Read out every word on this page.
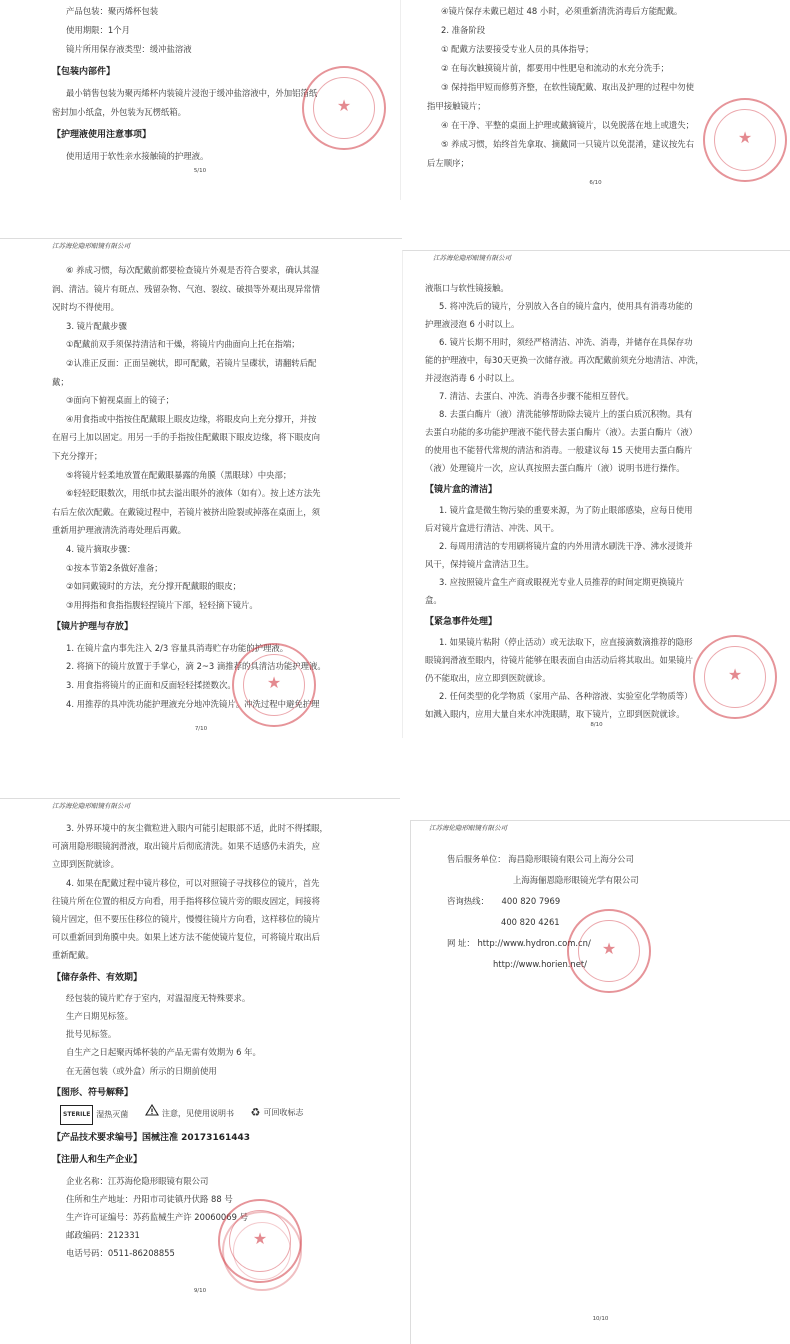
产品包装：聚丙烯杯包装
使用期限：1个月
镜片所用保存液类型：缓冲盐溶液
【包装内部件】
最小销售包装为聚丙烯杯内装镜片浸泡于缓冲盐溶液中，外加铝箔纸
密封加小纸盒，外包装为瓦楞纸箱。
【护理液使用注意事项】
使用适用于软性亲水接触镜的护理液。
★
5/10
④镜片保存未戴已超过 48 小时，必须重新清洗消毒后方能配戴。
2. 准备阶段
① 配戴方法要接受专业人员的具体指导；
② 在每次触摸镜片前，都要用中性肥皂和流动的水充分洗手；
③ 保持指甲短而修剪齐整，在软性镜配戴、取出及护理的过程中勿使
指甲接触镜片；
④ 在干净、平整的桌面上护理或戴摘镜片，以免脱落在地上或遗失；
⑤ 养成习惯，始终首先拿取、摘戴同一只镜片以免混淆，建议按先右
后左顺序；
★
6/10
江苏海伦隐形眼镜有限公司
⑥ 养成习惯，每次配戴前都要检查镜片外观是否符合要求，确认其湿
润、清洁。镜片有斑点、残留杂物、气泡、裂纹、破损等外观出现异常情
况时均不得使用。
3. 镜片配戴步骤
①配戴前双手须保持清洁和干燥，将镜片内曲面向上托在指端；
②认准正反面：正面呈碗状，即可配戴，若镜片呈碟状，请翻转后配
戴；
③面向下俯视桌面上的镜子；
④用食指或中指按住配戴眼上眼皮边缘，将眼皮向上充分撑开，并按
在眉弓上加以固定。用另一手的手指按住配戴眼下眼皮边缘，将下眼皮向
下充分撑开；
⑤将镜片轻柔地放置在配戴眼暴露的角膜（黑眼球）中央部；
⑥轻轻眨眼数次，用纸巾拭去溢出眼外的液体（如有）。按上述方法先
右后左依次配戴。在戴镜过程中，若镜片被挤出险裂或掉落在桌面上，须
重新用护理液清洗消毒处理后再戴。
4. 镜片摘取步骤：
①按本节第2条做好准备；
②如同戴镜时的方法，充分撑开配戴眼的眼皮；
③用拇指和食指指腹轻捏镜片下部，轻轻摘下镜片。
【镜片护理与存放】
1. 在镜片盒内事先注入 2/3 容量具消毒贮存功能的护理液。
2. 将摘下的镜片放置于手掌心，滴 2~3 滴推荐的具清洁功能护理液。
3. 用食指将镜片的正面和反面轻轻揉搓数次。
4. 用推荐的具冲洗功能护理液充分地冲洗镜片。冲洗过程中避免护理
★
7/10
江苏海伦隐形眼镜有限公司
液瓶口与软性镜接触。
5. 将冲洗后的镜片，分别放入各自的镜片盒内，使用具有消毒功能的
护理液浸泡 6 小时以上。
6. 镜片长期不用时，须经严格清洁、冲洗、消毒，并储存在具保存功
能的护理液中，每30天更换一次储存液。再次配戴前须充分地清洁、冲洗，
并浸泡消毒 6 小时以上。
7. 清洁、去蛋白、冲洗、消毒各步骤不能相互替代。
8. 去蛋白酶片（液）清洗能够帮助除去镜片上的蛋白质沉积物。具有
去蛋白功能的多功能护理液不能代替去蛋白酶片（液）。去蛋白酶片（液）
的使用也不能替代常规的清洁和消毒。一般建议每 15 天使用去蛋白酶片
（液）处理镜片一次，应认真按照去蛋白酶片（液）说明书进行操作。
【镜片盒的清洁】
1. 镜片盒是微生物污染的重要来源，为了防止眼部感染，应每日使用
后对镜片盒进行清洁、冲洗、风干。
2. 每周用清洁的专用刷将镜片盒的内外用清水刷洗干净、沸水浸烫并
风干，保持镜片盒清洁卫生。
3. 应按照镜片盒生产商或眼视光专业人员推荐的时间定期更换镜片
盒。
【紧急事件处理】
1. 如果镜片粘附（停止活动）或无法取下，应直接滴数滴推荐的隐形
眼镜润滑液至眼内，待镜片能够在眼表面自由活动后将其取出。如果镜片
仍不能取出，应立即到医院就诊。
2. 任何类型的化学物质（家用产品、各种溶液、实验室化学物质等）
如溅入眼内，应用大量自来水冲洗眼睛，取下镜片，立即到医院就诊。
★
8/10
江苏海伦隐形眼镜有限公司
3. 外界环境中的灰尘微粒进入眼内可能引起眼部不适，此时不得揉眼，
可滴用隐形眼镜润滑液，取出镜片后彻底清洗。如果不适感仍未消失，应
立即到医院就诊。
4. 如果在配戴过程中镜片移位，可以对照镜子寻找移位的镜片，首先
往镜片所在位置的相反方向看，用手指将移位镜片旁的眼皮固定，间接将
镜片固定，但不要压住移位的镜片，慢慢往镜片方向看，这样移位的镜片
可以重新回到角膜中央。如果上述方法不能使镜片复位，可将镜片取出后
重新配戴。
【储存条件、有效期】
经包装的镜片贮存于室内，对温湿度无特殊要求。
生产日期见标签。
批号见标签。
自生产之日起聚丙烯杯装的产品无需有效期为 6 年。
在无菌包装（或外盒）所示的日期前使用
【图形、符号解释】
STERILE 湿热灭菌
	注意，见使用说明书
♻ 可回收标志
【产品技术要求编号】国械注准 20173161443
【注册人和生产企业】
企业名称：江苏海伦隐形眼镜有限公司
住所和生产地址：丹阳市司徒镇丹伏路 88 号
生产许可证编号：苏药监械生产许 20060069 号
邮政编码：212331
电话号码：0511-86208855
★
9/10
江苏海伦隐形眼镜有限公司
售后服务单位： 海昌隐形眼镜有限公司上海分公司
上海海俪恩隐形眼镜光学有限公司
咨询热线： 400 820 7969
400 820 4261
网 址： http://www.hydron.com.cn/
http://www.horien.net/
★
10/10
